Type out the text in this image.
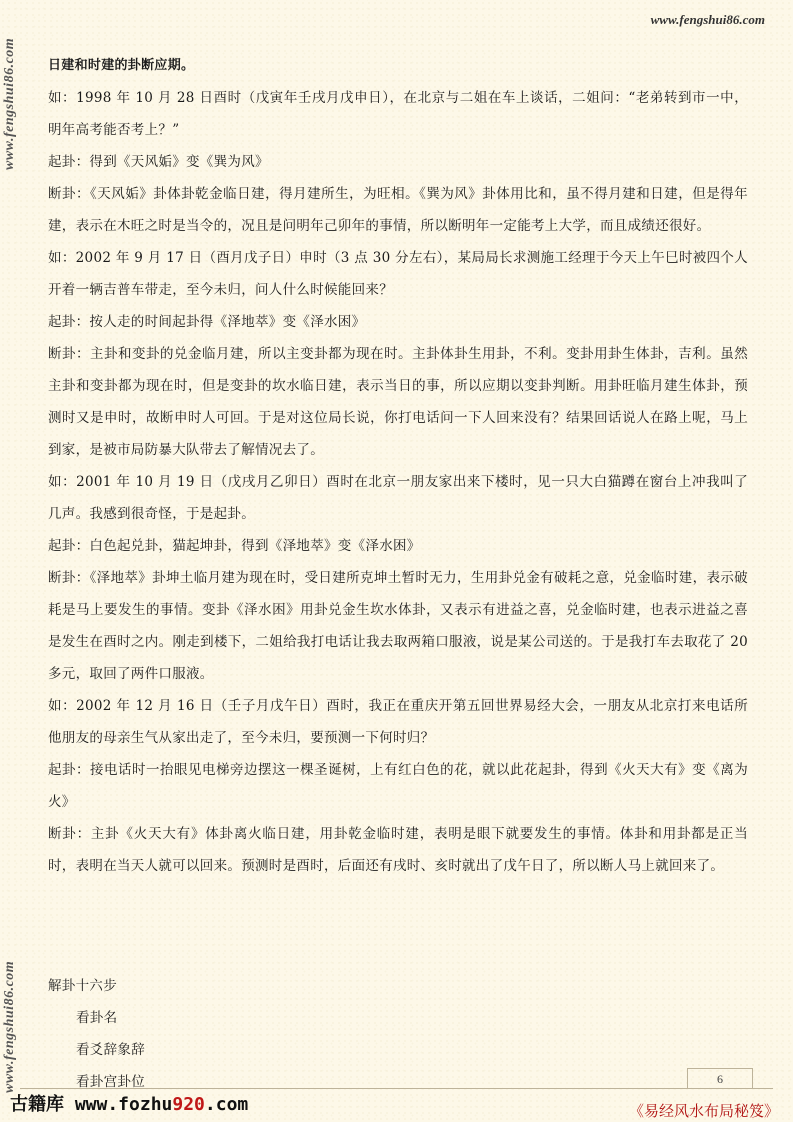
www.fengshui86.com
www.fengshui86.com
www.fengshui86.com

日建和时建的卦断应期。

如：1998 年 10 月 28 日酉时（戊寅年壬戌月戊申日），在北京与二姐在车上谈话，二姐问：“老弟转到市一中，明年高考能否考上？”

起卦：得到《天风姤》变《巽为风》

断卦：《天风姤》卦体卦乾金临日建，得月建所生，为旺相。《巽为风》卦体用比和，虽不得月建和日建，但是得年建，表示在木旺之时是当令的，况且是问明年己卯年的事情，所以断明年一定能考上大学，而且成绩还很好。

如：2002 年 9 月 17 日（酉月戊子日）申时（3 点 30 分左右），某局局长求测施工经理于今天上午巳时被四个人开着一辆吉普车带走，至今未归，问人什么时候能回来？

起卦：按人走的时间起卦得《泽地萃》变《泽水困》

断卦：主卦和变卦的兑金临月建，所以主变卦都为现在时。主卦体卦生用卦，不利。变卦用卦生体卦，吉利。虽然主卦和变卦都为现在时，但是变卦的坎水临日建，表示当日的事，所以应期以变卦判断。用卦旺临月建生体卦，预测时又是申时，故断申时人可回。于是对这位局长说，你打电话问一下人回来没有？结果回话说人在路上呢，马上到家，是被市局防暴大队带去了解情况去了。

如：2001 年 10 月 19 日（戊戌月乙卯日）酉时在北京一朋友家出来下楼时，见一只大白猫蹲在窗台上冲我叫了几声。我感到很奇怪，于是起卦。

起卦：白色起兑卦，猫起坤卦，得到《泽地萃》变《泽水困》

断卦：《泽地萃》卦坤土临月建为现在时，受日建所克坤土暂时无力，生用卦兑金有破耗之意，兑金临时建，表示破耗是马上要发生的事情。变卦《泽水困》用卦兑金生坎水体卦，又表示有进益之喜，兑金临时建，也表示进益之喜是发生在酉时之内。刚走到楼下，二姐给我打电话让我去取两箱口服液，说是某公司送的。于是我打车去取花了 20 多元，取回了两件口服液。

如：2002 年 12 月 16 日（壬子月戊午日）酉时，我正在重庆开第五回世界易经大会，一朋友从北京打来电话所他朋友的母亲生气从家出走了，至今未归，要预测一下何时归？

起卦：接电话时一抬眼见电梯旁边摆这一棵圣诞树，上有红白色的花，就以此花起卦，得到《火天大有》变《离为火》

断卦：主卦《火天大有》体卦离火临日建，用卦乾金临时建，表明是眼下就要发生的事情。体卦和用卦都是正当时，表明在当天人就可以回来。预测时是酉时，后面还有戌时、亥时就出了戊午日了，所以断人马上就回来了。

解卦十六步

看卦名

看爻辞象辞

看卦宫卦位	6
古籍库 www.fozhu920.com	《易经风水布局秘笈》
